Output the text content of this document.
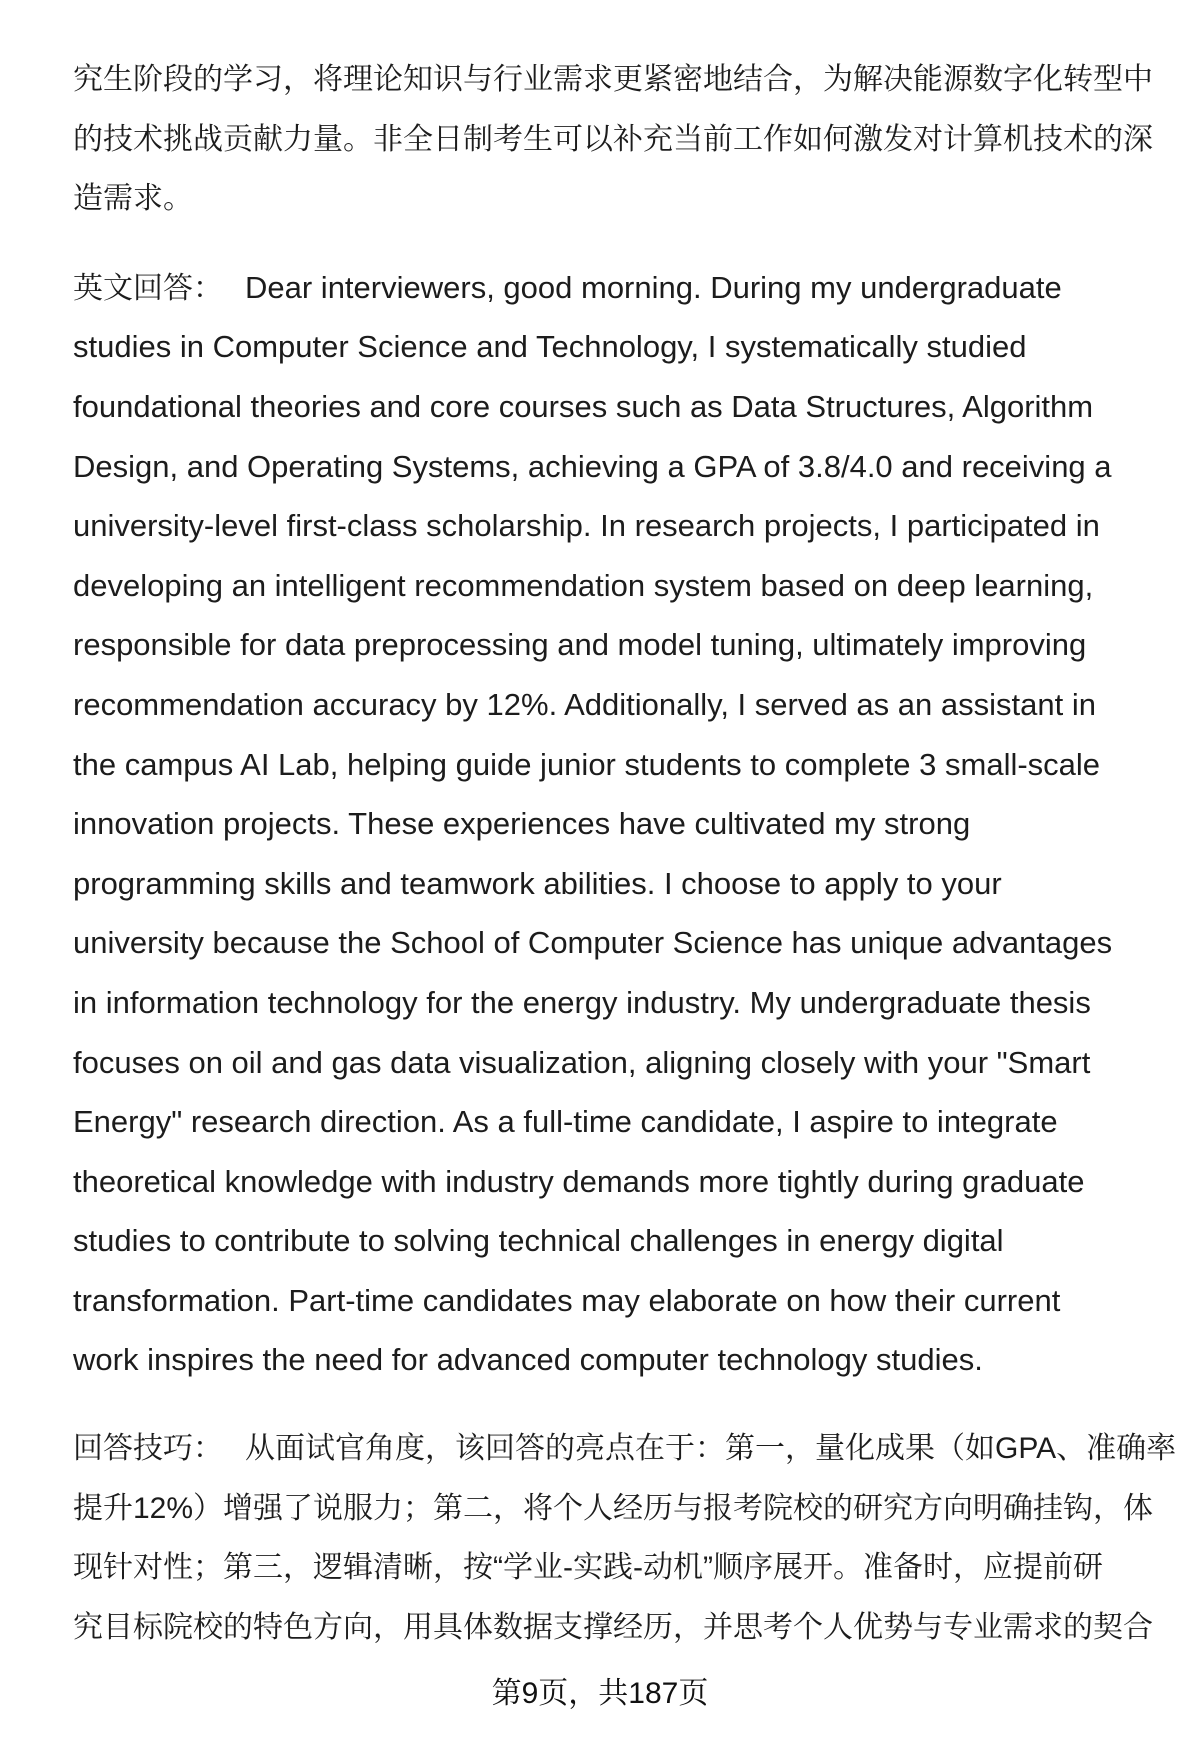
究生阶段的学习，将理论知识与行业需求更紧密地结合，为解决能源数字化转型中
的技术挑战贡献力量。非全日制考生可以补充当前工作如何激发对计算机技术的深
造需求。
英文回答： Dear interviewers, good morning. During my undergraduate
studies in Computer Science and Technology, I systematically studied
foundational theories and core courses such as Data Structures, Algorithm
Design, and Operating Systems, achieving a GPA of 3.8/4.0 and receiving a
university-level first-class scholarship. In research projects, I participated in
developing an intelligent recommendation system based on deep learning,
responsible for data preprocessing and model tuning, ultimately improving
recommendation accuracy by 12%. Additionally, I served as an assistant in
the campus AI Lab, helping guide junior students to complete 3 small-scale
innovation projects. These experiences have cultivated my strong
programming skills and teamwork abilities. I choose to apply to your
university because the School of Computer Science has unique advantages
in information technology for the energy industry. My undergraduate thesis
focuses on oil and gas data visualization, aligning closely with your "Smart
Energy" research direction. As a full-time candidate, I aspire to integrate
theoretical knowledge with industry demands more tightly during graduate
studies to contribute to solving technical challenges in energy digital
transformation. Part-time candidates may elaborate on how their current
work inspires the need for advanced computer technology studies.
回答技巧： 从面试官角度，该回答的亮点在于：第一，量化成果（如GPA、准确率
提升12%）增强了说服力；第二，将个人经历与报考院校的研究方向明确挂钩，体
现针对性；第三，逻辑清晰，按“学业-实践-动机”顺序展开。准备时，应提前研
究目标院校的特色方向，用具体数据支撑经历，并思考个人优势与专业需求的契合
第9页，共187页
